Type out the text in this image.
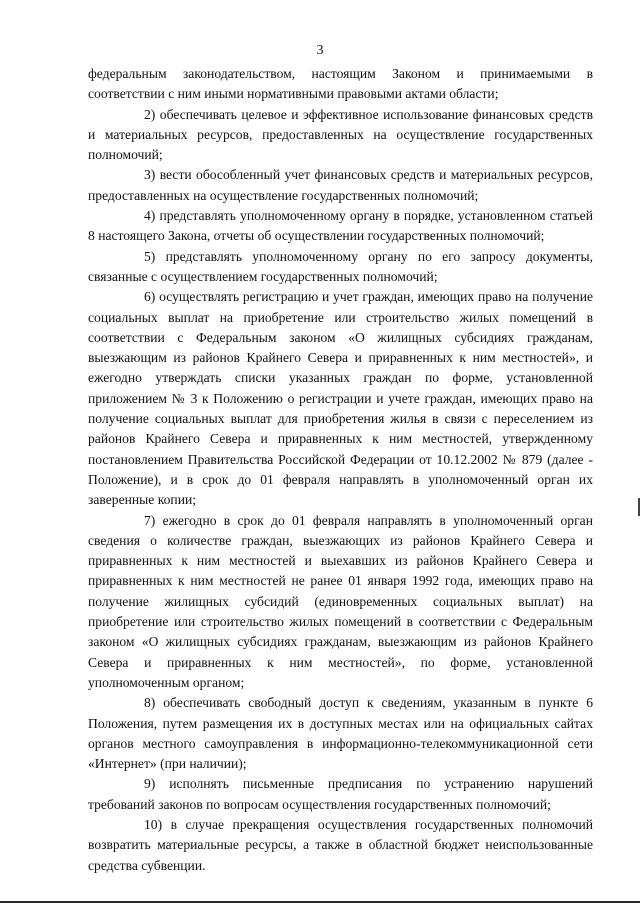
3

федеральным законодательством, настоящим Законом и принимаемыми в соответствии с ним иными нормативными правовыми актами области;

2) обеспечивать целевое и эффективное использование финансовых средств и материальных ресурсов, предоставленных на осуществление государственных полномочий;

3) вести обособленный учет финансовых средств и материальных ресурсов, предоставленных на осуществление государственных полномочий;

4) представлять уполномоченному органу в порядке, установленном статьей 8 настоящего Закона, отчеты об осуществлении государственных полномочий;

5) представлять уполномоченному органу по его запросу документы, связанные с осуществлением государственных полномочий;

6) осуществлять регистрацию и учет граждан, имеющих право на получение социальных выплат на приобретение или строительство жилых помещений в соответствии с Федеральным законом «О жилищных субсидиях гражданам, выезжающим из районов Крайнего Севера и приравненных к ним местностей», и ежегодно утверждать списки указанных граждан по форме, установленной приложением № 3 к Положению о регистрации и учете граждан, имеющих право на получение социальных выплат для приобретения жилья в связи с переселением из районов Крайнего Севера и приравненных к ним местностей, утвержденному постановлением Правительства Российской Федерации от 10.12.2002 № 879 (далее - Положение), и в срок до 01 февраля направлять в уполномоченный орган их заверенные копии;

7) ежегодно в срок до 01 февраля направлять в уполномоченный орган сведения о количестве граждан, выезжающих из районов Крайнего Севера и приравненных к ним местностей и выехавших из районов Крайнего Севера и приравненных к ним местностей не ранее 01 января 1992 года, имеющих право на получение жилищных субсидий (единовременных социальных выплат) на приобретение или строительство жилых помещений в соответствии с Федеральным законом «О жилищных субсидиях гражданам, выезжающим из районов Крайнего Севера и приравненных к ним местностей», по форме, установленной уполномоченным органом;

8) обеспечивать свободный доступ к сведениям, указанным в пункте 6 Положения, путем размещения их в доступных местах или на официальных сайтах органов местного самоуправления в информационно-телекоммуникационной сети «Интернет» (при наличии);

9) исполнять письменные предписания по устранению нарушений требований законов по вопросам осуществления государственных полномочий;

10) в случае прекращения осуществления государственных полномочий возвратить материальные ресурсы, а также в областной бюджет неиспользованные средства субвенции.
